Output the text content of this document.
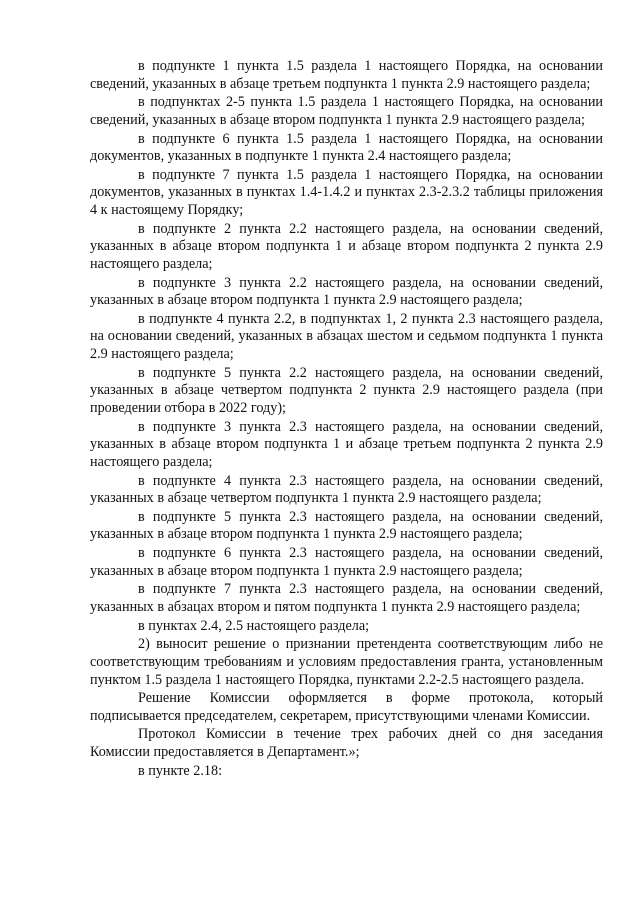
в подпункте 1 пункта 1.5 раздела 1 настоящего Порядка, на основании сведений, указанных в абзаце третьем подпункта 1 пункта 2.9 настоящего раздела;

в подпунктах 2-5 пункта 1.5 раздела 1 настоящего Порядка, на основании сведений, указанных в абзаце втором подпункта 1 пункта 2.9 настоящего раздела;

в подпункте 6 пункта 1.5 раздела 1 настоящего Порядка, на основании документов, указанных в подпункте 1 пункта 2.4 настоящего раздела;

в подпункте 7 пункта 1.5 раздела 1 настоящего Порядка, на основании документов, указанных в пунктах 1.4-1.4.2 и пунктах 2.3-2.3.2 таблицы приложения 4 к настоящему Порядку;

в подпункте 2 пункта 2.2 настоящего раздела, на основании сведений, указанных в абзаце втором подпункта 1 и абзаце втором подпункта 2 пункта 2.9 настоящего раздела;

в подпункте 3 пункта 2.2 настоящего раздела, на основании сведений, указанных в абзаце втором подпункта 1 пункта 2.9 настоящего раздела;

в подпункте 4 пункта 2.2, в подпунктах 1, 2 пункта 2.3 настоящего раздела, на основании сведений, указанных в абзацах шестом и седьмом подпункта 1 пункта 2.9 настоящего раздела;

в подпункте 5 пункта 2.2 настоящего раздела, на основании сведений, указанных в абзаце четвертом подпункта 2 пункта 2.9 настоящего раздела (при проведении отбора в 2022 году);

в подпункте 3 пункта 2.3 настоящего раздела, на основании сведений, указанных в абзаце втором подпункта 1 и абзаце третьем подпункта 2 пункта 2.9 настоящего раздела;

в подпункте 4 пункта 2.3 настоящего раздела, на основании сведений, указанных в абзаце четвертом подпункта 1 пункта 2.9 настоящего раздела;

в подпункте 5 пункта 2.3 настоящего раздела, на основании сведений, указанных в абзаце втором подпункта 1 пункта 2.9 настоящего раздела;

в подпункте 6 пункта 2.3 настоящего раздела, на основании сведений, указанных в абзаце втором подпункта 1 пункта 2.9 настоящего раздела;

в подпункте 7 пункта 2.3 настоящего раздела, на основании сведений, указанных в абзацах втором и пятом подпункта 1 пункта 2.9 настоящего раздела;

в пунктах 2.4, 2.5 настоящего раздела;

2) выносит решение о признании претендента соответствующим либо не соответствующим требованиям и условиям предоставления гранта, установленным пунктом 1.5 раздела 1 настоящего Порядка, пунктами 2.2-2.5 настоящего раздела.

Решение Комиссии оформляется в форме протокола, который подписывается председателем, секретарем, присутствующими членами Комиссии.

Протокол Комиссии в течение трех рабочих дней со дня заседания Комиссии предоставляется в Департамент.»;

в пункте 2.18:
